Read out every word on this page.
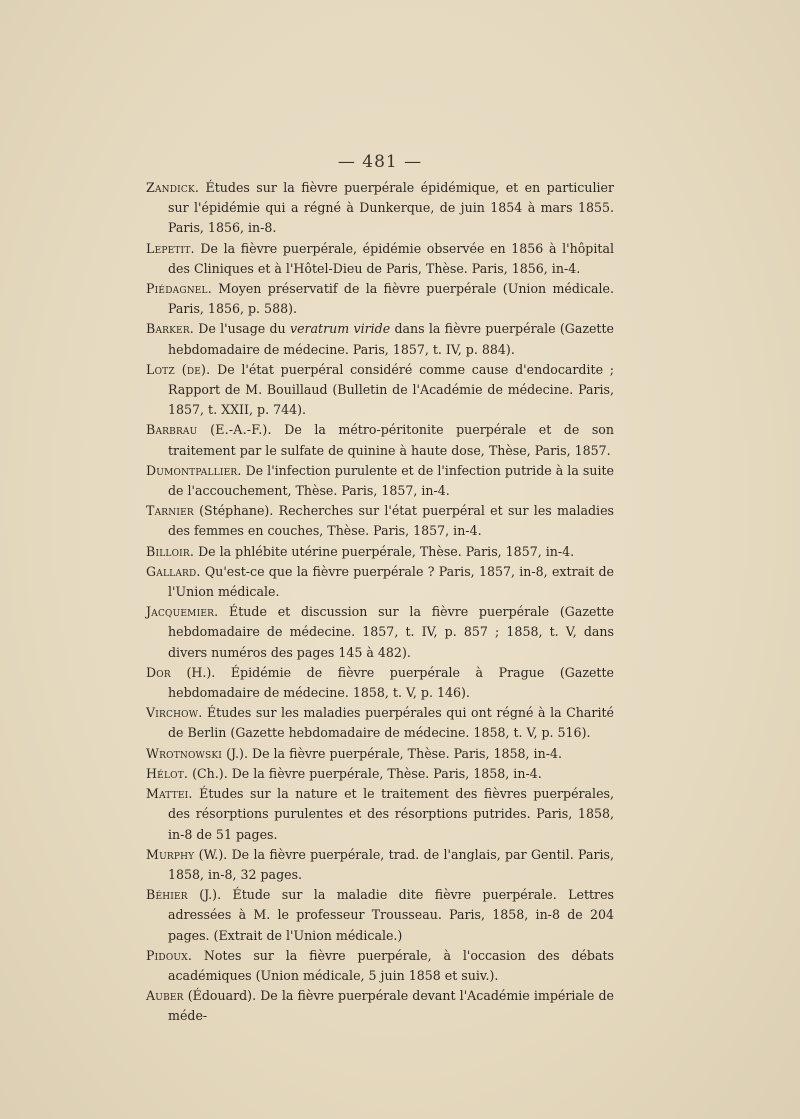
— 481 —

Zandick. Études sur la fièvre puerpérale épidémique, et en particulier sur l'épidémie qui a régné à Dunkerque, de juin 1854 à mars 1855. Paris, 1856, in-8.

Lepetit. De la fièvre puerpérale, épidémie observée en 1856 à l'hôpital des Cliniques et à l'Hôtel-Dieu de Paris, Thèse. Paris, 1856, in-4.

Piédagnel. Moyen préservatif de la fièvre puerpérale (Union médicale. Paris, 1856, p. 588).

Barker. De l'usage du veratrum viride dans la fièvre puerpérale (Gazette hebdomadaire de médecine. Paris, 1857, t. IV, p. 884).

Lotz (de). De l'état puerpéral considéré comme cause d'endocardite ; Rapport de M. Bouillaud (Bulletin de l'Académie de médecine. Paris, 1857, t. XXII, p. 744).

Barbrau (E.-A.-F.). De la métro-péritonite puerpérale et de son traitement par le sulfate de quinine à haute dose, Thèse, Paris, 1857.

Dumontpallier. De l'infection purulente et de l'infection putride à la suite de l'accouchement, Thèse. Paris, 1857, in-4.

Tarnier (Stéphane). Recherches sur l'état puerpéral et sur les maladies des femmes en couches, Thèse. Paris, 1857, in-4.

Billoir. De la phlébite utérine puerpérale, Thèse. Paris, 1857, in-4.

Gallard. Qu'est-ce que la fièvre puerpérale ? Paris, 1857, in-8, extrait de l'Union médicale.

Jacquemier. Étude et discussion sur la fièvre puerpérale (Gazette hebdomadaire de médecine. 1857, t. IV, p. 857 ; 1858, t. V, dans divers numéros des pages 145 à 482).

Dor (H.). Épidémie de fièvre puerpérale à Prague (Gazette hebdomadaire de médecine. 1858, t. V, p. 146).

Virchow. Études sur les maladies puerpérales qui ont régné à la Charité de Berlin (Gazette hebdomadaire de médecine. 1858, t. V, p. 516).

Wrotnowski (J.). De la fièvre puerpérale, Thèse. Paris, 1858, in-4.

Hélot. (Ch.). De la fièvre puerpérale, Thèse. Paris, 1858, in-4.

Mattei. Études sur la nature et le traitement des fièvres puerpérales, des résorptions purulentes et des résorptions putrides. Paris, 1858, in-8 de 51 pages.

Murphy (W.). De la fièvre puerpérale, trad. de l'anglais, par Gentil. Paris, 1858, in-8, 32 pages.

Béhier (J.). Étude sur la maladie dite fièvre puerpérale. Lettres adressées à M. le professeur Trousseau. Paris, 1858, in-8 de 204 pages. (Extrait de l'Union médicale.)

Pidoux. Notes sur la fièvre puerpérale, à l'occasion des débats académiques (Union médicale, 5 juin 1858 et suiv.).

Auber (Édouard). De la fièvre puerpérale devant l'Académie impériale de méde-
